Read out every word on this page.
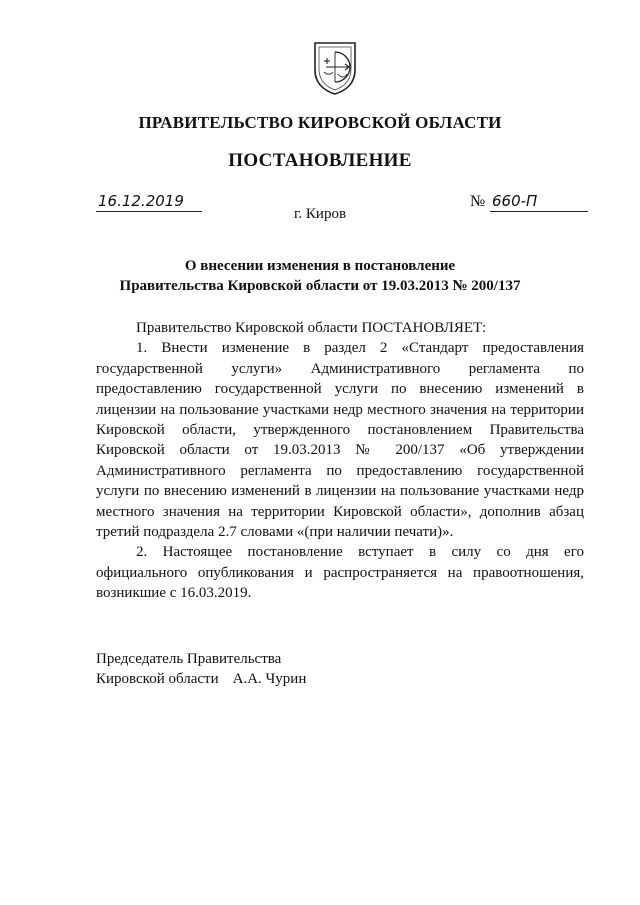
ПРАВИТЕЛЬСТВО КИРОВСКОЙ ОБЛАСТИ
ПОСТАНОВЛЕНИЕ
16.12.2019	№ 660-П
г. Киров
О внесении изменения в постановление
Правительства Кировской области от 19.03.2013 № 200/137

Правительство Кировской области ПОСТАНОВЛЯЕТ:

1. Внести изменение в раздел 2 «Стандарт предоставления государственной услуги» Административного регламента по предоставлению государственной услуги по внесению изменений в лицензии на пользование участками недр местного значения на территории Кировской области, утвержденного постановлением Правительства Кировской области от 19.03.2013 № 200/137 «Об утверждении Административного регламента по предоставлению государственной услуги по внесению изменений в лицензии на пользование участками недр местного значения на территории Кировской области», дополнив абзац третий подраздела 2.7 словами «(при наличии печати)».

2. Настоящее постановление вступает в силу со дня его официального опубликования и распространяется на правоотношения, возникшие с 16.03.2019.

Председатель Правительства
Кировской области А.А. Чурин
